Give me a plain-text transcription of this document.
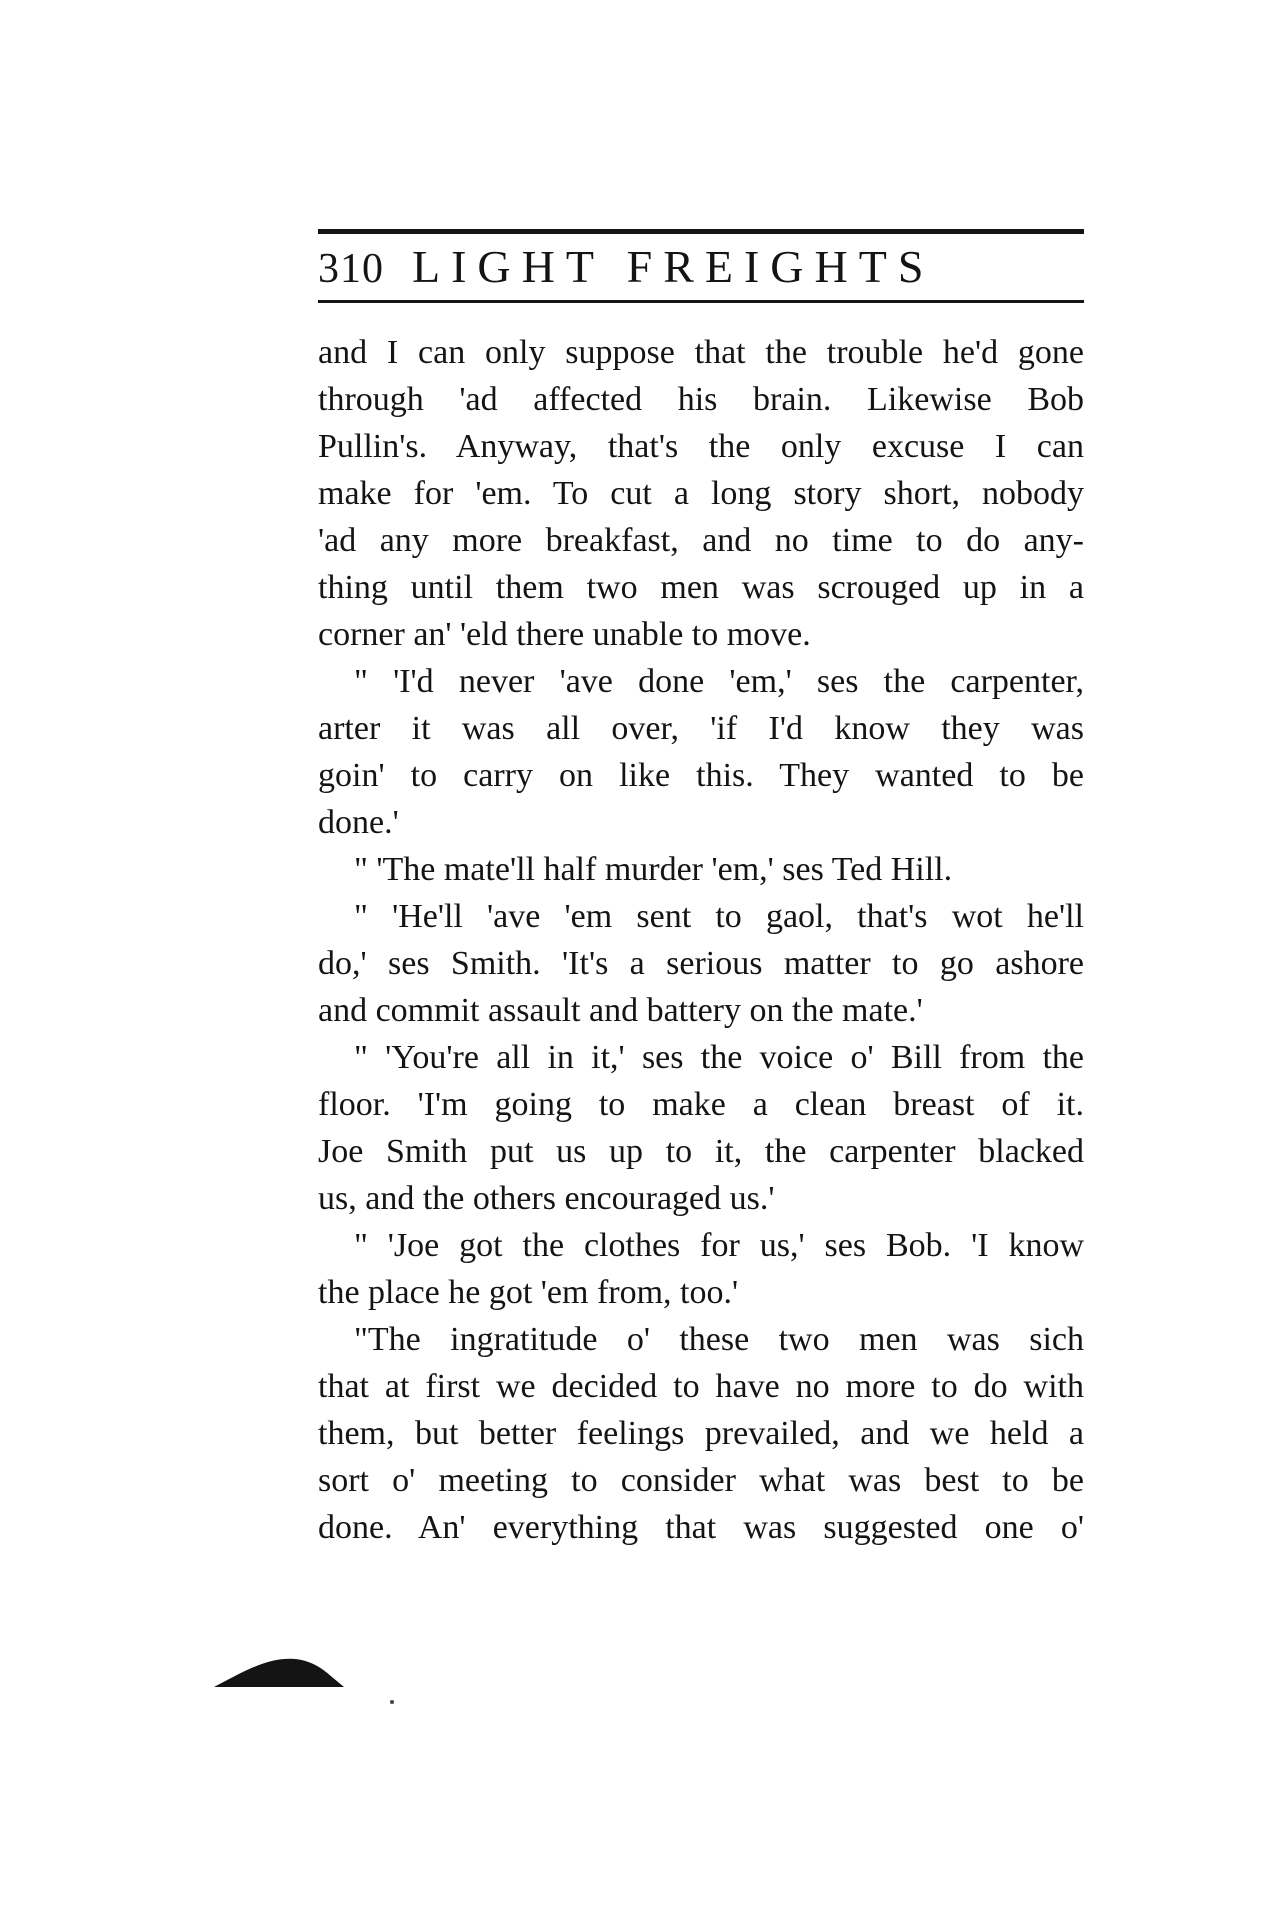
310 LIGHT FREIGHTS
and I can only suppose that the trouble he'd gone
through 'ad affected his brain. Likewise Bob
Pullin's. Anyway, that's the only excuse I can
make for 'em. To cut a long story short, nobody
'ad any more breakfast, and no time to do any-
thing until them two men was scrouged up in a
corner an' 'eld there unable to move.
" 'I'd never 'ave done 'em,' ses the carpenter,
arter it was all over, 'if I'd know they was
goin' to carry on like this. They wanted to be
done.'
" 'The mate'll half murder 'em,' ses Ted Hill.
" 'He'll 'ave 'em sent to gaol, that's wot he'll
do,' ses Smith. 'It's a serious matter to go ashore
and commit assault and battery on the mate.'
" 'You're all in it,' ses the voice o' Bill from the
floor. 'I'm going to make a clean breast of it.
Joe Smith put us up to it, the carpenter blacked
us, and the others encouraged us.'
" 'Joe got the clothes for us,' ses Bob. 'I know
the place he got 'em from, too.'
"The ingratitude o' these two men was sich
that at first we decided to have no more to do with
them, but better feelings prevailed, and we held a
sort o' meeting to consider what was best to be
done. An' everything that was suggested one o'
